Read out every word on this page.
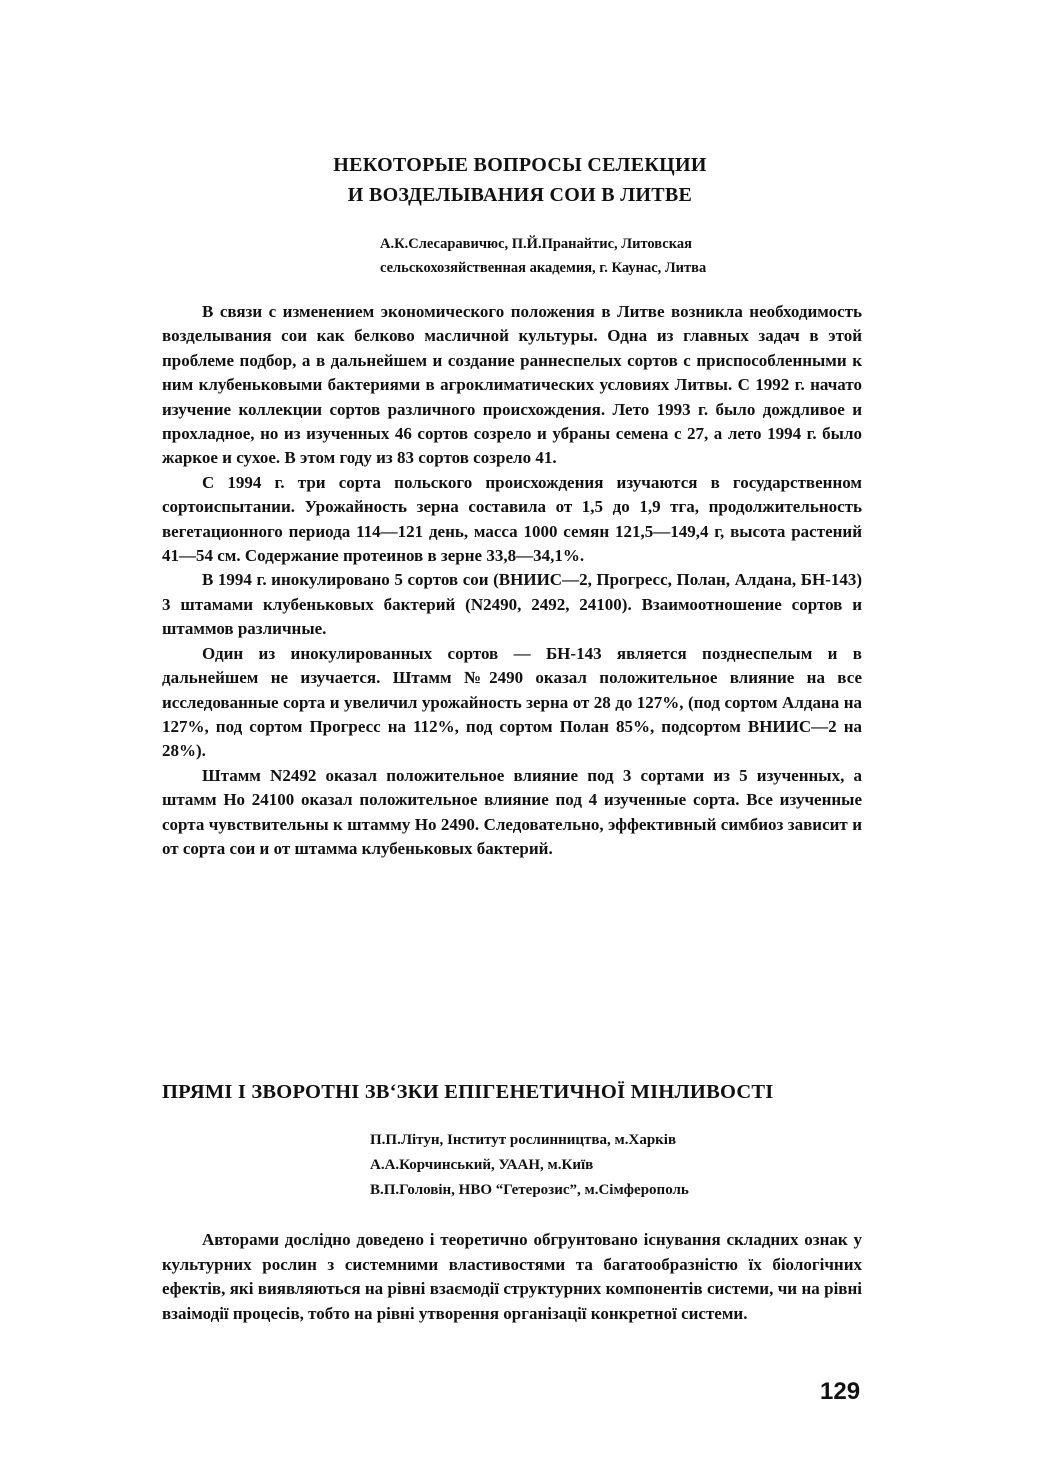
НЕКОТОРЫЕ ВОПРОСЫ СЕЛЕКЦИИ
И ВОЗДЕЛЫВАНИЯ СОИ В ЛИТВЕ
А.К.Слесаравичюс, П.Й.Пранайтис, Литовская
сельскохозяйственная академия, г. Каунас, Литва

В связи с изменением экономического положения в Литве возникла необходимость возделывания сои как белково масличной культуры. Одна из главных задач в этой проблеме подбор, а в дальнейшем и создание раннеспелых сортов с приспособленными к ним клубеньковыми бактериями в агроклиматических условиях Литвы. С 1992 г. начато изучение коллекции сортов различного происхождения. Лето 1993 г. было дождливое и прохладное, но из изученных 46 сортов созрело и убраны семена с 27, а лето 1994 г. было жаркое и сухое. В этом году из 83 сортов созрело 41.

С 1994 г. три сорта польского происхождения изучаются в государственном сортоиспытании. Урожайность зерна составила от 1,5 до 1,9 тга, продолжительность вегетационного периода 114—121 день, масса 1000 семян 121,5—149,4 г, высота растений 41—54 см. Содержание протеинов в зерне 33,8—34,1%.

В 1994 г. инокулировано 5 сортов сои (ВНИИС—2, Прогресс, Полан, Алдана, БН-143) 3 штамами клубеньковых бактерий (N2490, 2492, 24100). Взаимоотношение сортов и штаммов различные.

Один из инокулированных сортов — БН-143 является позднеспелым и в дальнейшем не изучается. Штамм №2490 оказал положительное влияние на все исследованные сорта и увеличил урожайность зерна от 28 до 127%, (под сортом Алдана на 127%, под сортом Прогресс на 112%, под сортом Полан 85%, подсортом ВНИИС—2 на 28%).

Штамм N2492 оказал положительное влияние под 3 сортами из 5 изученных, а штамм Но 24100 оказал положительное влияние под 4 изученные сорта. Все изученные сорта чувствительны к штамму Но 2490. Следовательно, эффективный симбиоз зависит и от сорта сои и от штамма клубеньковых бактерий.

ПРЯМІ І ЗВОРОТНІ ЗВ‘ЗКИ ЕПІГЕНЕТИЧНОЇ МІНЛИВОСТІ
П.П.Літун, Інститут рослинництва, м.Харків
А.А.Корчинський, УААН, м.Київ
В.П.Головін, НВО “Гетерозис”, м.Сімферополь

Авторами дослідно доведено і теоретично обгрунтовано існування складних ознак у культурних рослин з системними властивостями та багатообразністю їх біологічних ефектів, які виявляються на рівні взаємодії структурних компонентів системи, чи на рівні взаімодії процесів, тобто на рівні утворення організації конкретної системи.

129
